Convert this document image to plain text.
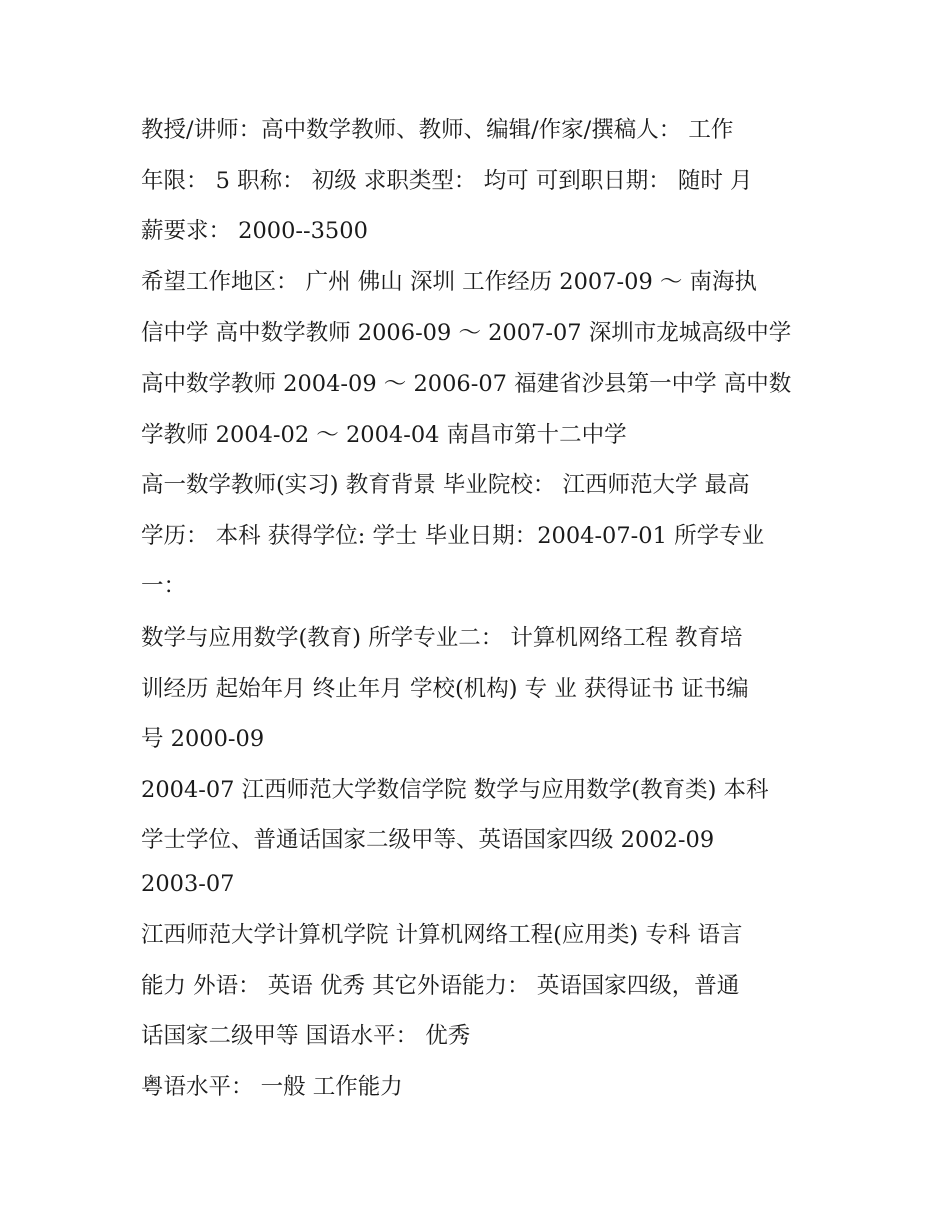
教授/讲师：高中数学教师、教师、编辑/作家/撰稿人： 工作
年限： 5 职称： 初级 求职类型： 均可 可到职日期： 随时 月
薪要求： 2000--3500
希望工作地区： 广州 佛山 深圳 工作经历 2007-09 ～ 南海执
信中学 高中数学教师 2006-09 ～ 2007-07 深圳市龙城高级中学
高中数学教师 2004-09 ～ 2006-07 福建省沙县第一中学 高中数
学教师 2004-02 ～ 2004-04 南昌市第十二中学
高一数学教师(实习) 教育背景 毕业院校： 江西师范大学 最高
学历： 本科 获得学位: 学士 毕业日期：2004-07-01 所学专业
一：
数学与应用数学(教育) 所学专业二： 计算机网络工程 教育培
训经历 起始年月 终止年月 学校(机构) 专 业 获得证书 证书编
号 2000-09
2004-07 江西师范大学数信学院 数学与应用数学(教育类) 本科
学士学位、普通话国家二级甲等、英语国家四级 2002-09
2003-07
江西师范大学计算机学院 计算机网络工程(应用类) 专科 语言
能力 外语： 英语 优秀 其它外语能力： 英语国家四级，普通
话国家二级甲等 国语水平： 优秀
粤语水平： 一般 工作能力
